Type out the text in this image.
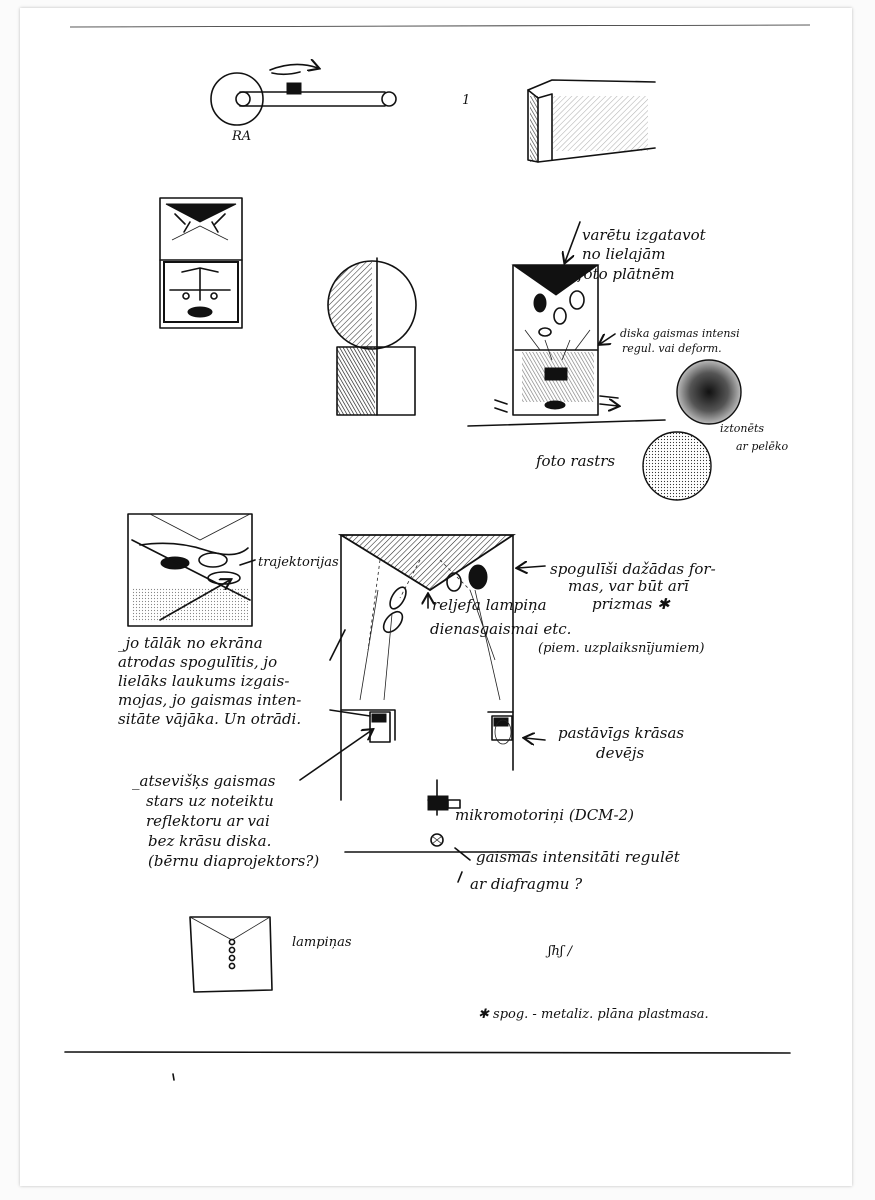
RA
1
varētu izgatavot
no lielajām
foto plātnēm
diska gaismas intensi
regul. vai deform.
iztonēts
ar pelēko
foto rastrs
trajektorijas	spogulīši dažādas for-
mas, var būt arī
prizmas ✱
reljefa lampiņa
dienasgaismai etc.
(piem. uzplaiksnījumiem)
_jo tālāk no ekrāna
atrodas spogulītis, jo
lielāks laukums izgais-
mojas, jo gaismas inten-
sitāte vājāka. Un otrādi.
pastāvīgs krāsas
devējs
_atsevišķs gaismas
stars uz noteiktu
reflektoru ar vai
bez krāsu diska.
(bērnu diaprojektors?)
mikromotoriņi (DCM-2)
gaismas intensitāti regulēt
ar diafragmu ?
lampiņas
ʃhʃ /
✱ spog. - metaliz. plāna plastmasa.
